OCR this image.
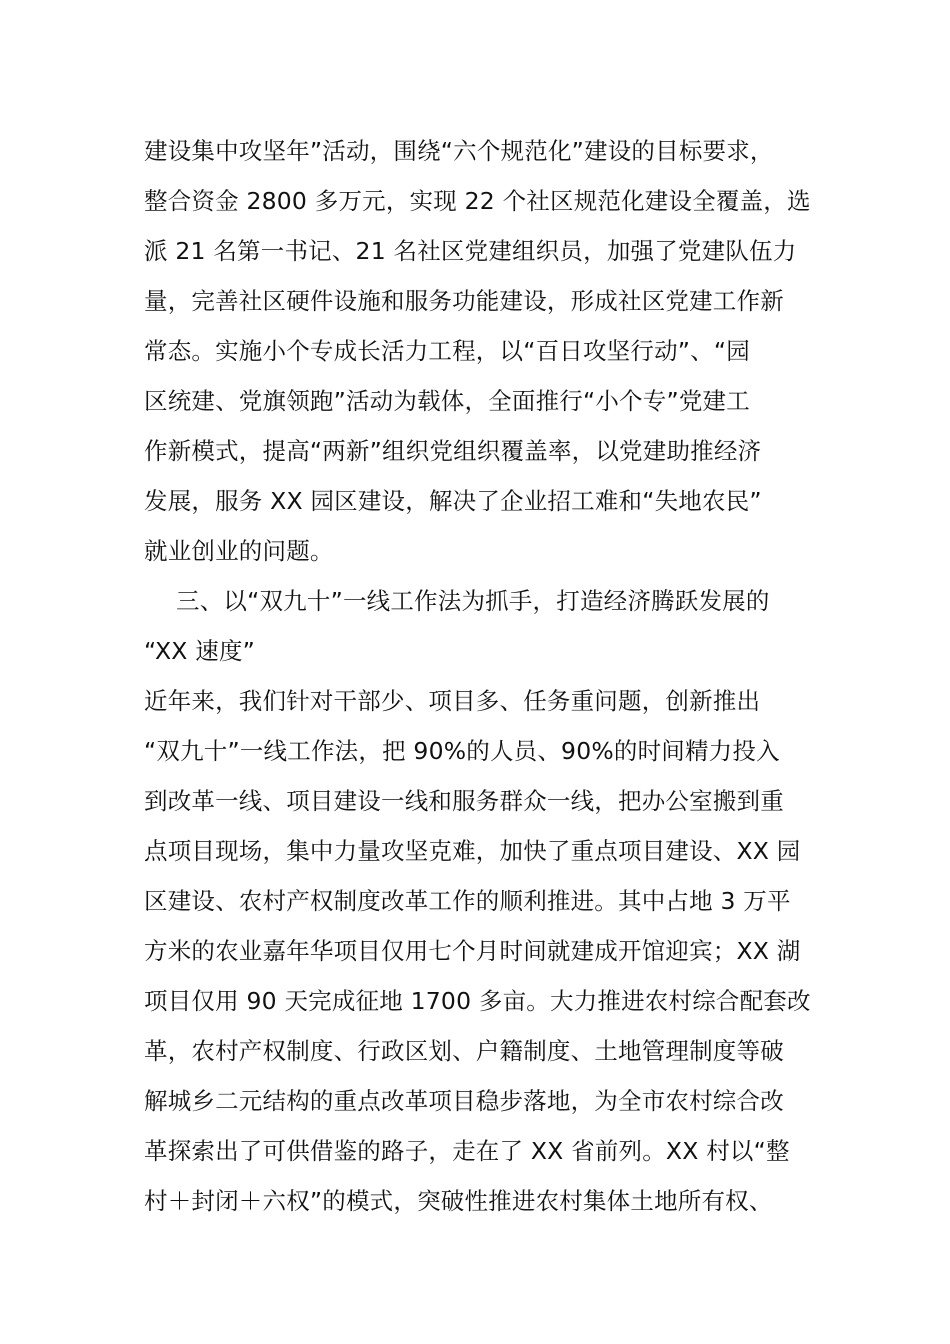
建设集中攻坚年”活动，围绕“六个规范化”建设的目标要求，
整合资金 2800 多万元，实现 22 个社区规范化建设全覆盖，选
派 21 名第一书记、21 名社区党建组织员，加强了党建队伍力
量，完善社区硬件设施和服务功能建设，形成社区党建工作新
常态。实施小个专成长活力工程，以“百日攻坚行动”、“园
区统建、党旗领跑”活动为载体，全面推行“小个专”党建工
作新模式，提高“两新”组织党组织覆盖率，以党建助推经济
发展，服务 XX 园区建设，解决了企业招工难和“失地农民”
就业创业的问题。
三、以“双九十”一线工作法为抓手，打造经济腾跃发展的
“XX 速度”
近年来，我们针对干部少、项目多、任务重问题，创新推出
“双九十”一线工作法，把 90%的人员、90%的时间精力投入
到改革一线、项目建设一线和服务群众一线，把办公室搬到重
点项目现场，集中力量攻坚克难，加快了重点项目建设、XX 园
区建设、农村产权制度改革工作的顺利推进。其中占地 3 万平
方米的农业嘉年华项目仅用七个月时间就建成开馆迎宾；XX 湖
项目仅用 90 天完成征地 1700 多亩。大力推进农村综合配套改
革，农村产权制度、行政区划、户籍制度、土地管理制度等破
解城乡二元结构的重点改革项目稳步落地，为全市农村综合改
革探索出了可供借鉴的路子，走在了 XX 省前列。XX 村以“整
村＋封闭＋六权”的模式，突破性推进农村集体土地所有权、
